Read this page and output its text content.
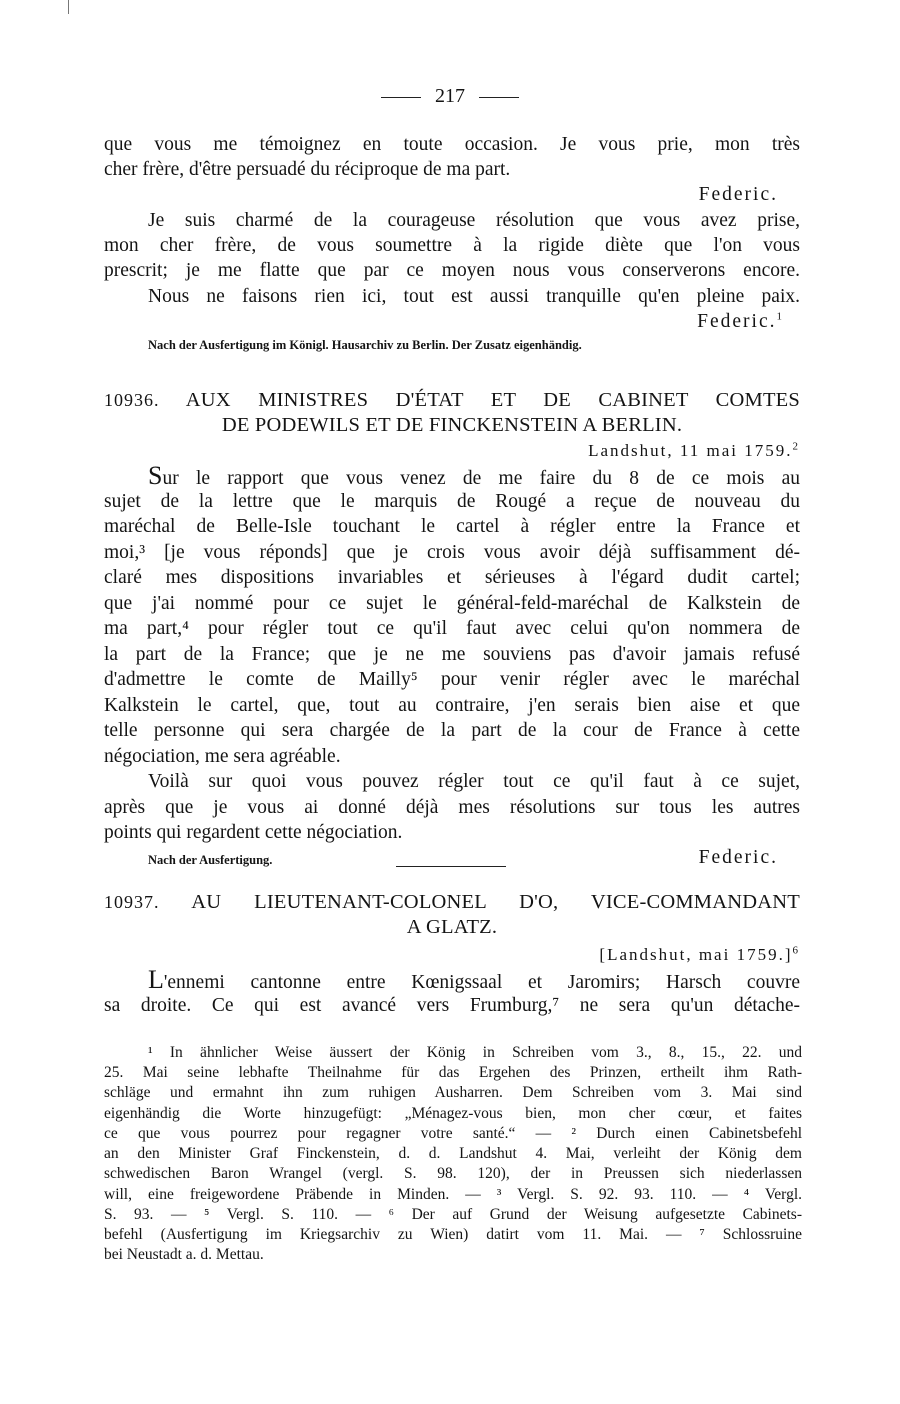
217
que vous me témoignez en toute occasion. Je vous prie, mon très
cher frère, d'être persuadé du réciproque de ma part.
Federic.
Je suis charmé de la courageuse résolution que vous avez prise,
mon cher frère, de vous soumettre à la rigide diète que l'on vous
prescrit; je me flatte que par ce moyen nous vous conserverons encore.
Nous ne faisons rien ici, tout est aussi tranquille qu'en pleine paix.
Federic.$^1$
Nach der Ausfertigung im Königl. Hausarchiv zu Berlin. Der Zusatz eigenhändig.
10936. AUX MINISTRES D'ÉTAT ET DE CABINET COMTES
DE PODEWILS ET DE FINCKENSTEIN A BERLIN.
Landshut, 11 mai 1759.$^2$
Sur le rapport que vous venez de me faire du 8 de ce mois au
sujet de la lettre que le marquis de Rougé a reçue de nouveau du
maréchal de Belle-Isle touchant le cartel à régler entre la France et
moi,³ [je vous réponds] que je crois vous avoir déjà suffisamment dé-
claré mes dispositions invariables et sérieuses à l'égard dudit cartel;
que j'ai nommé pour ce sujet le général-feld-maréchal de Kalkstein de
ma part,⁴ pour régler tout ce qu'il faut avec celui qu'on nommera de
la part de la France; que je ne me souviens pas d'avoir jamais refusé
d'admettre le comte de Mailly⁵ pour venir régler avec le maréchal
Kalkstein le cartel, que, tout au contraire, j'en serais bien aise et que
telle personne qui sera chargée de la part de la cour de France à cette
négociation, me sera agréable.
Voilà sur quoi vous pouvez régler tout ce qu'il faut à ce sujet,
après que je vous ai donné déjà mes résolutions sur tous les autres
points qui regardent cette négociation.
Nach der Ausfertigung.	Federic.
10937. AU LIEUTENANT-COLONEL D'O, VICE-COMMANDANT
A GLATZ.
[Landshut, mai 1759.]$^6$
L'ennemi cantonne entre Kœnigssaal et Jaromirs; Harsch couvre
sa droite. Ce qui est avancé vers Frumburg,⁷ ne sera qu'un détache-
¹ In ähnlicher Weise äussert der König in Schreiben vom 3., 8., 15., 22. und
25. Mai seine lebhafte Theilnahme für das Ergehen des Prinzen, ertheilt ihm Rath-
schläge und ermahnt ihn zum ruhigen Ausharren. Dem Schreiben vom 3. Mai sind
eigenhändig die Worte hinzugefügt: „Ménagez-vous bien, mon cher cœur, et faites
ce que vous pourrez pour regagner votre santé.“ — ² Durch einen Cabinetsbefehl
an den Minister Graf Finckenstein, d. d. Landshut 4. Mai, verleiht der König dem
schwedischen Baron Wrangel (vergl. S. 98. 120), der in Preussen sich niederlassen
will, eine freigewordene Präbende in Minden. — ³ Vergl. S. 92. 93. 110. — ⁴ Vergl.
S. 93. — ⁵ Vergl. S. 110. — ⁶ Der auf Grund der Weisung aufgesetzte Cabinets-
befehl (Ausfertigung im Kriegsarchiv zu Wien) datirt vom 11. Mai. — ⁷ Schlossruine
bei Neustadt a. d. Mettau.
